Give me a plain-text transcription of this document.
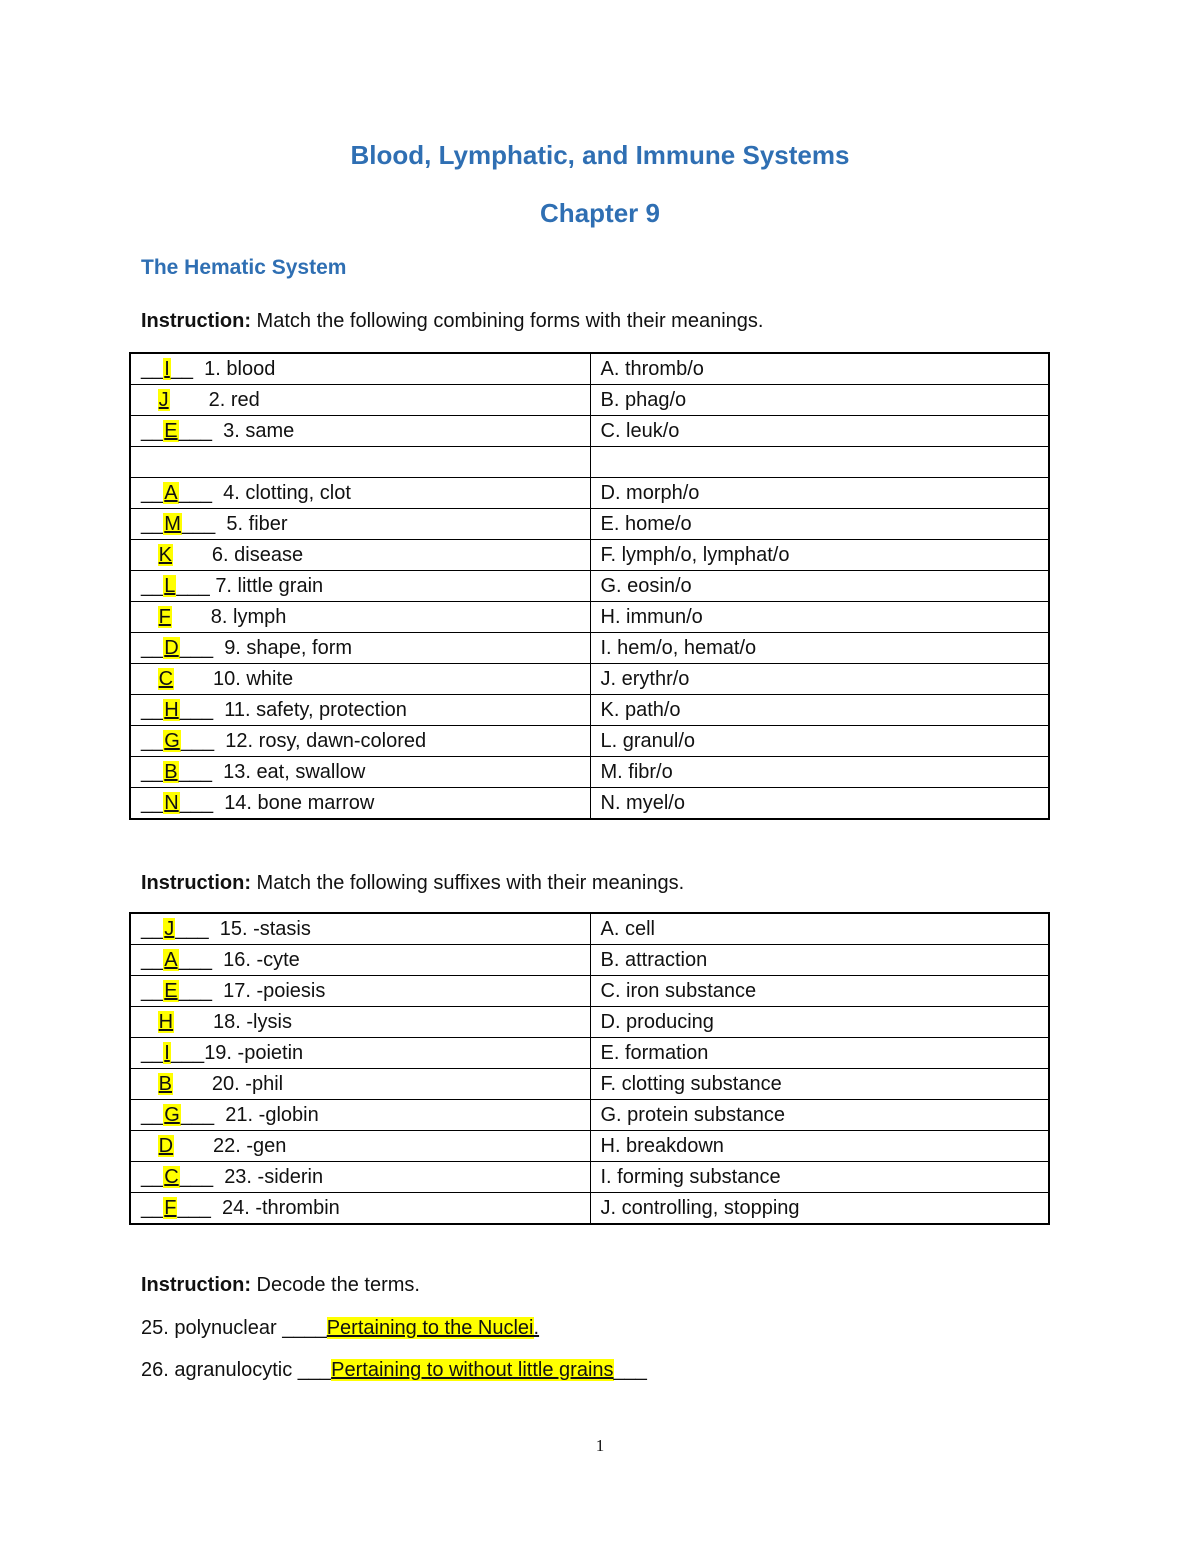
Blood, Lymphatic, and Immune Systems
Chapter 9
The Hematic System

Instruction: Match the following combining forms with their meanings.

__I__  1. blood	A. thromb/o
J 2. red	B. phag/o
__E___  3. same	C. leuk/o

__A___  4. clotting, clot	D. morph/o
__M___  5. fiber	E. home/o
K 6. disease	F. lymph/o, lymphat/o
__L___ 7. little grain	G. eosin/o
F 8. lymph	H. immun/o
__D___  9. shape, form	I. hem/o, hemat/o
C 10. white	J. erythr/o
__H___  11. safety, protection	K. path/o
__G___  12. rosy, dawn-colored	L. granul/o
__B___  13. eat, swallow	M. fibr/o
__N___  14. bone marrow	N. myel/o

Instruction: Match the following suffixes with their meanings.

__J___  15. -stasis	A. cell
__A___  16. -cyte	B. attraction
__E___  17. -poiesis	C. iron substance
H 18. -lysis	D. producing
__I___19. -poietin	E. formation
B 20. -phil	F. clotting substance
__G___  21. -globin	G. protein substance
D 22. -gen	H. breakdown
__C___  23. -siderin	I. forming substance
__F___  24. -thrombin	J. controlling, stopping

Instruction: Decode the terms.

25. polynuclear ____Pertaining to the Nuclei.

26. agranulocytic ___Pertaining to without little grains___

1
